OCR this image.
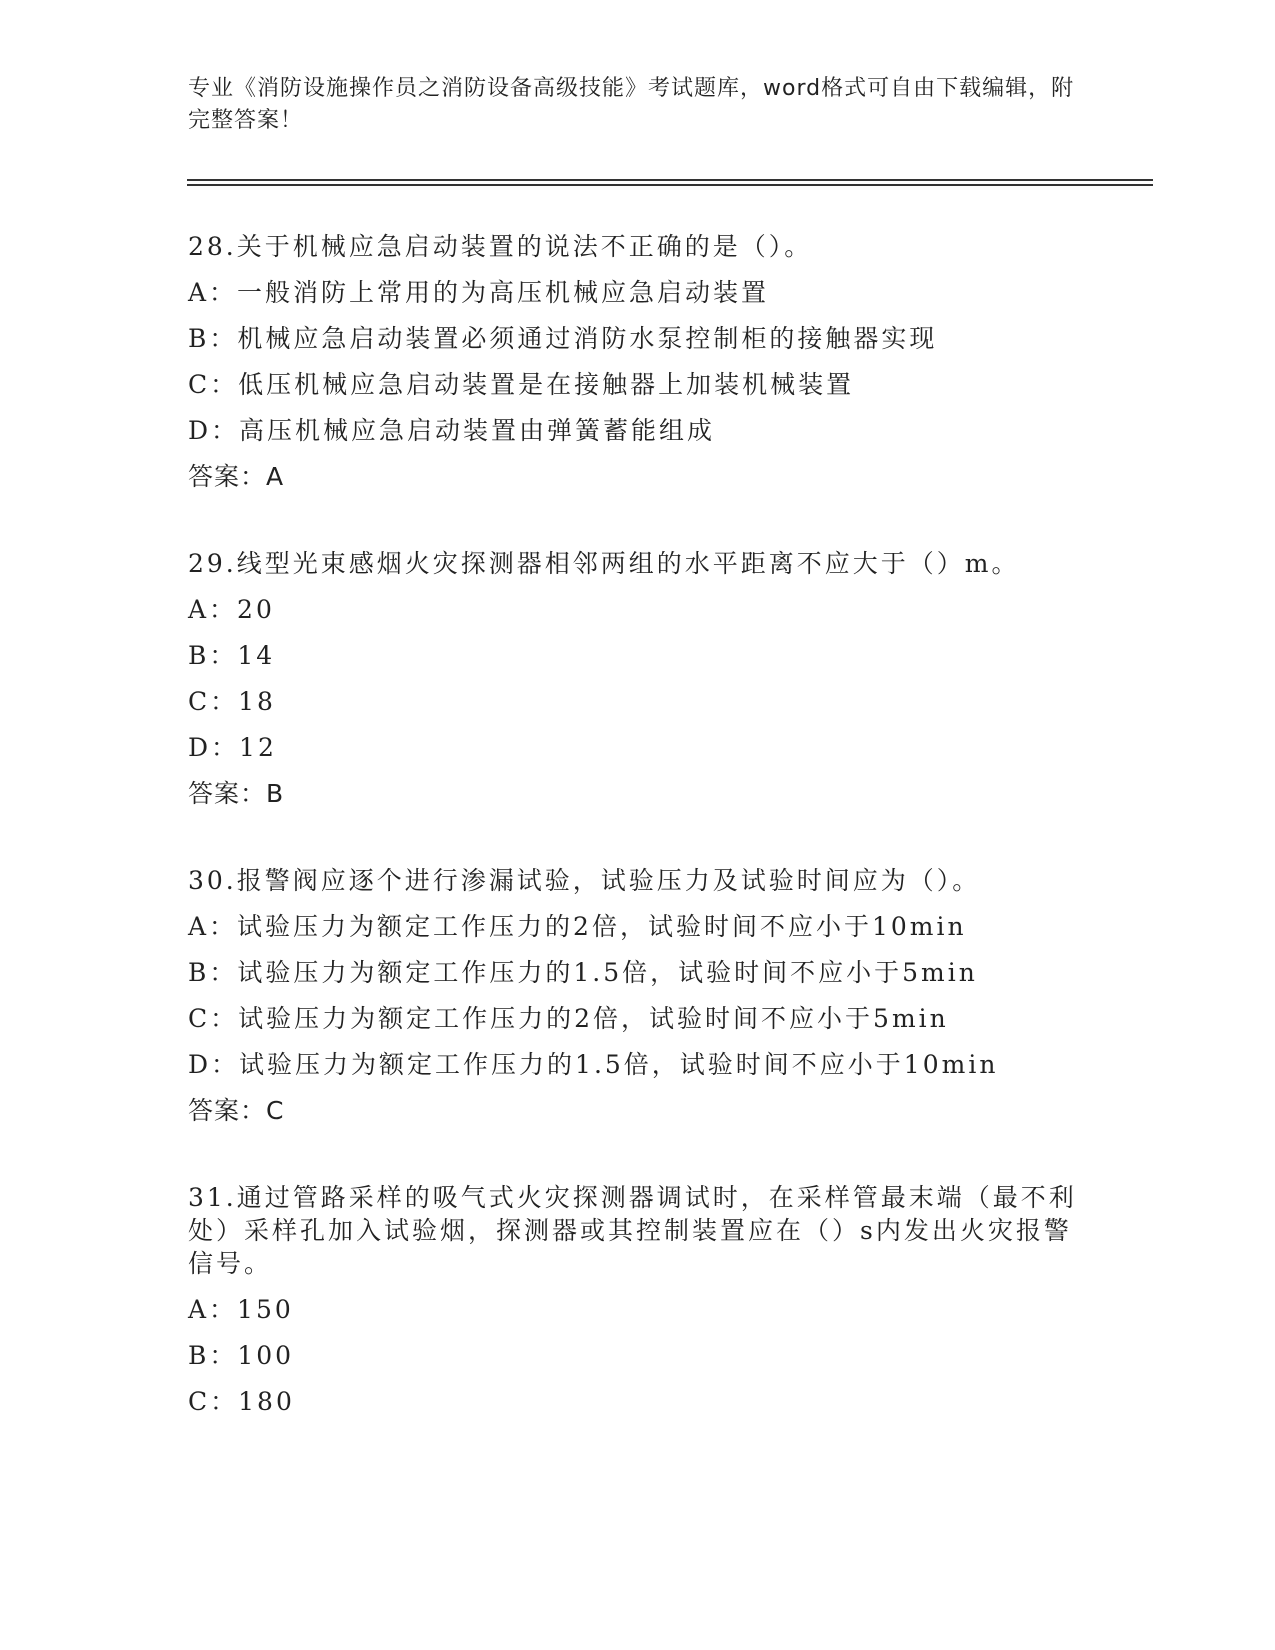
专业《消防设施操作员之消防设备高级技能》考试题库，word格式可自由下载编辑，附完整答案！
28.关于机械应急启动装置的说法不正确的是（）。
A：一般消防上常用的为高压机械应急启动装置
B：机械应急启动装置必须通过消防水泵控制柜的接触器实现
C：低压机械应急启动装置是在接触器上加装机械装置
D：高压机械应急启动装置由弹簧蓄能组成
答案：A
29.线型光束感烟火灾探测器相邻两组的水平距离不应大于（）m。
A：20
B：14
C：18
D：12
答案：B
30.报警阀应逐个进行渗漏试验，试验压力及试验时间应为（）。
A：试验压力为额定工作压力的2倍，试验时间不应小于10min
B：试验压力为额定工作压力的1.5倍，试验时间不应小于5min
C：试验压力为额定工作压力的2倍，试验时间不应小于5min
D：试验压力为额定工作压力的1.5倍，试验时间不应小于10min
答案：C
31.通过管路采样的吸气式火灾探测器调试时，在采样管最末端（最不利处）采样孔加入试验烟，探测器或其控制装置应在（）s内发出火灾报警信号。
A：150
B：100
C：180
